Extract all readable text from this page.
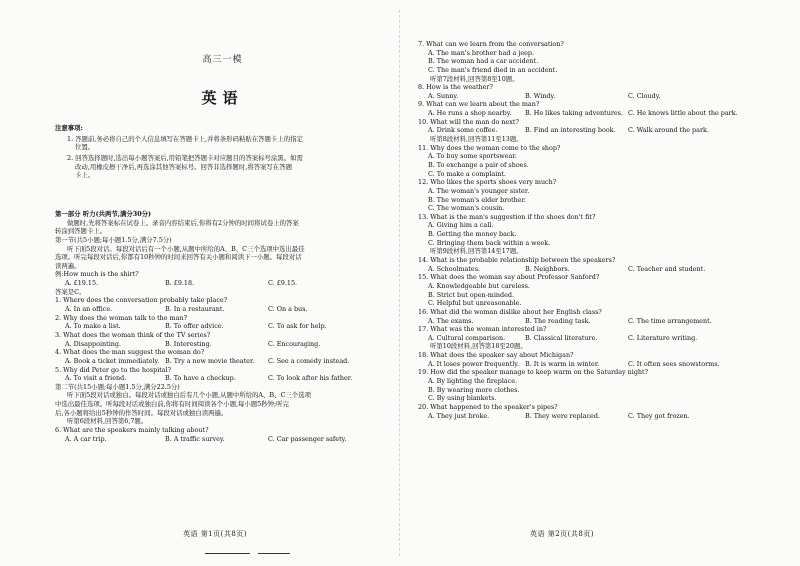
高三一模
英语
注意事项:
1. 答题前,务必将自己的个人信息填写在答题卡上,并将条形码粘贴在答题卡上的指定
位置。
2. 回答选择题时,选出每小题答案后,用铅笔把答题卡对应题目的答案标号涂黑。如需
改动,用橡皮擦干净后,再选涂其他答案标号。回答非选择题时,将答案写在答题
卡上。
第一部分 听力(共两节,满分30分)
做题时,先将答案标在试卷上。录音内容结束后,你将有2分钟的时间将试卷上的答案
转涂到答题卡上。
第一节(共5小题;每小题1.5分,满分7.5分)
听下面5段对话。每段对话后有一个小题,从题中所给的A、B、C三个选项中选出最佳
选项。听完每段对话后,你都有10秒钟的时间来回答有关小题和阅读下一小题。每段对话
读两遍。
例:How much is the shirt?
A. £19.15.	B. £9.18.	C. £9.15.
答案是C。
1. Where does the conversation probably take place?
A. In an office.	B. In a restaurant.	C. On a bus.
2. Why does the woman talk to the man?
A. To make a list.	B. To offer advice.	C. To ask for help.
3. What does the woman think of the TV series?
A. Disappointing.	B. Interesting.	C. Encouraging.
4. What does the man suggest the woman do?
A. Book a ticket immediately. B. Try a new movie theater.	C. See a comedy instead.
5. Why did Peter go to the hospital?
A. To visit a friend.	B. To have a checkup.	C. To look after his father.
第二节(共15小题;每小题1.5分,满分22.5分)
听下面5段对话或独白。每段对话或独白后有几个小题,从题中所给的A、B、C三个选项
中选出最佳选项。听每段对话或独白前,你将有时间阅读各个小题,每小题5秒钟;听完
后,各小题将给出5秒钟的作答时间。每段对话或独白读两遍。
听第6段材料,回答第6,7题。
6. What are the speakers mainly talking about?
A. A car trip.	B. A traffic survey.	C. Car passenger safety.
英语 第1页(共8页)
7. What can we learn from the conversation?
A. The man's brother had a jeep.
B. The woman had a car accident.
C. The man's friend died in an accident.
听第7段材料,回答第8至10题。
8. How is the weather?
A. Sunny.	B. Windy.	C. Cloudy.
9. What can we learn about the man?
A. He runs a shop nearby.	B. He likes taking adventures. C. He knows little about the park.
10. What will the man do next?
A. Drink some coffee.	B. Find an interesting book.	C. Walk around the park.
听第8段材料,回答第11至13题。
11. Why does the woman come to the shop?
A. To buy some sportswear.
B. To exchange a pair of shoes.
C. To make a complaint.
12. Who likes the sports shoes very much?
A. The woman's younger sister.
B. The woman's elder brother.
C. The woman's cousin.
13. What is the man's suggestion if the shoes don't fit?
A. Giving him a call.
B. Getting the money back.
C. Bringing them back within a week.
听第9段材料,回答第14至17题。
14. What is the probable relationship between the speakers?
A. Schoolmates.	B. Neighbors.	C. Teacher and student.
15. What does the woman say about Professor Sanford?
A. Knowledgeable but careless.
B. Strict but open-minded.
C. Helpful but unreasonable.
16. What did the woman dislike about her English class?
A. The exams.	B. The reading task.	C. The time arrangement.
17. What was the woman interested in?
A. Cultural comparison.	B. Classical literature.	C. Literature writing.
听第10段材料,回答第18至20题。
18. What does the speaker say about Michigan?
A. It loses power frequently. B. It is warm in winter.	C. It often sees snowstorms.
19. How did the speaker manage to keep warm on the Saturday night?
A. By lighting the fireplace.
B. By wearing more clothes.
C. By using blankets.
20. What happened to the speaker's pipes?
A. They just broke.	B. They were replaced.	C. They got frozen.
英语 第2页(共8页)
